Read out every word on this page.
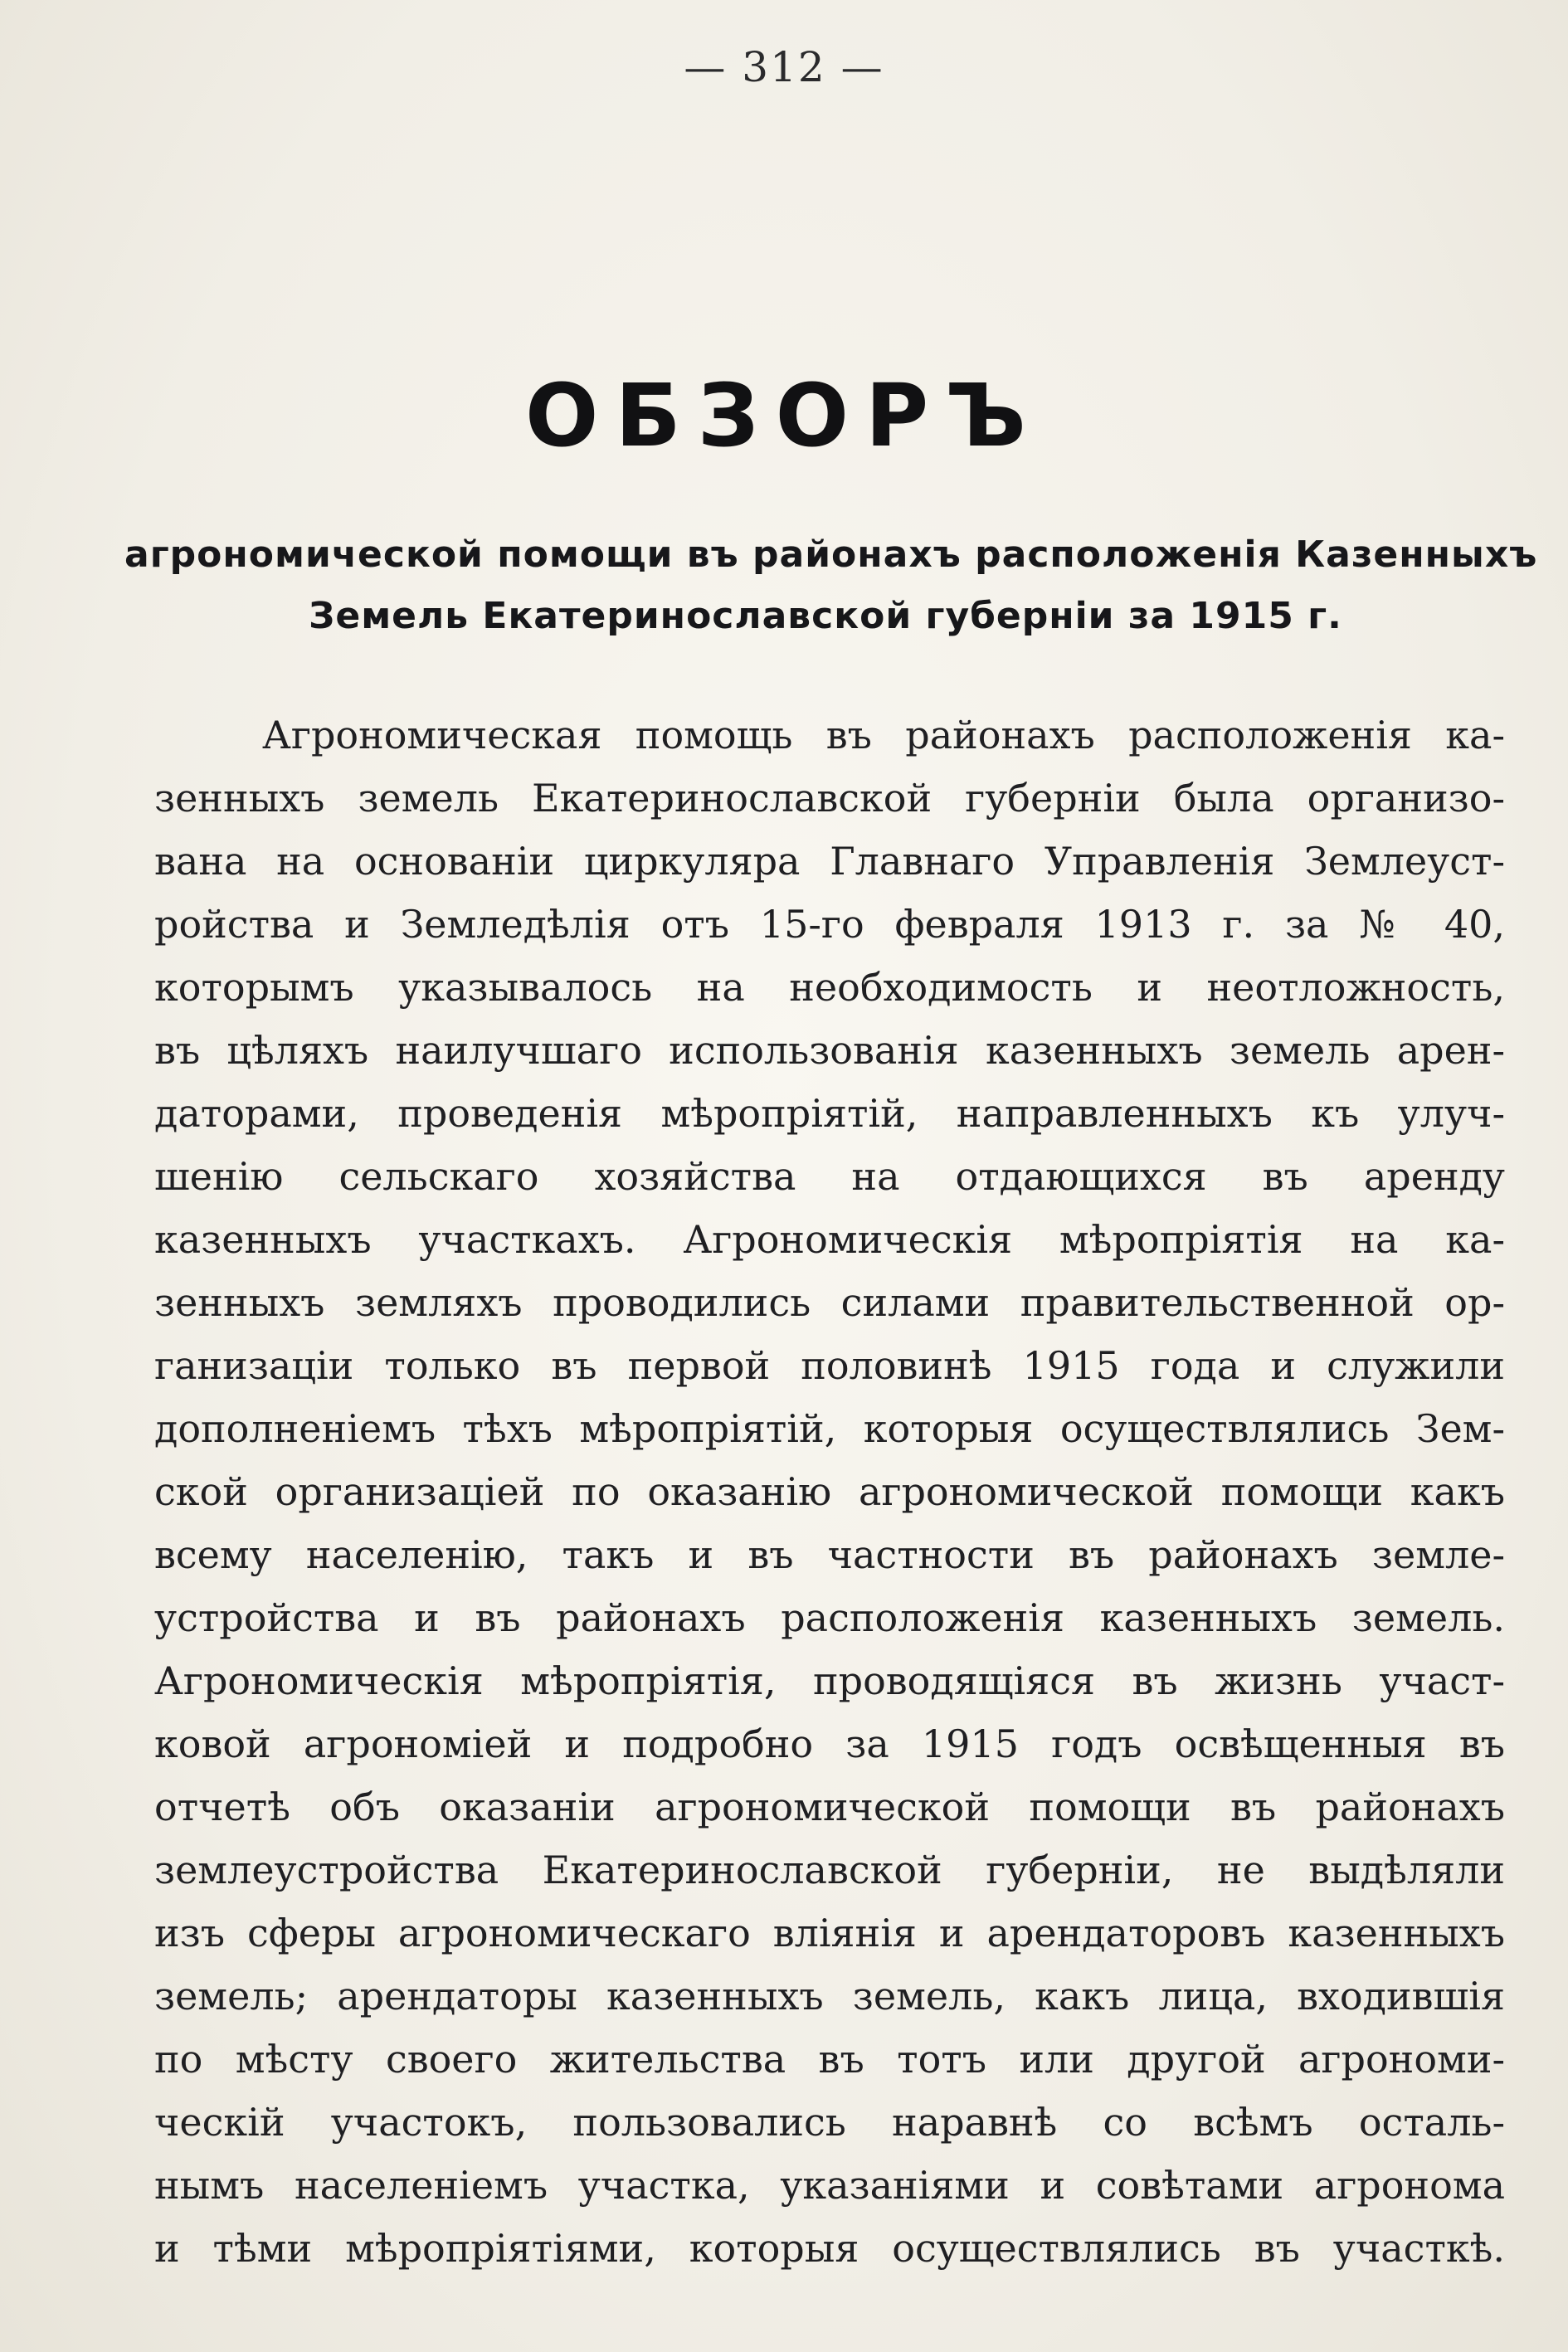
— 312 —
ОБЗОРЪ
агрономической помощи въ районахъ расположенія Казенныхъ
Земель Екатеринославской губерніи за 1915 г.
Агрономическая помощь въ районахъ расположенія ка-
зенныхъ земель Екатеринославской губерніи была организо-
вана на основаніи циркуляра Главнаго Управленія Землеуст-
ройства и Земледѣлія отъ 15-го февраля 1913 г. за № 40,
которымъ указывалось на необходимость и неотложность,
въ цѣляхъ наилучшаго использованія казенныхъ земель арен-
даторами, проведенія мѣропріятій, направленныхъ къ улуч-
шенію сельскаго хозяйства на отдающихся въ аренду
казенныхъ участкахъ. Агрономическія мѣропріятія на ка-
зенныхъ земляхъ проводились силами правительственной ор-
ганизаціи только въ первой половинѣ 1915 года и служили
дополненіемъ тѣхъ мѣропріятій, которыя осуществлялись Зем-
ской организаціей по оказанію агрономической помощи какъ
всему населенію, такъ и въ частности въ районахъ земле-
устройства и въ районахъ расположенія казенныхъ земель.
Агрономическія мѣропріятія, проводящіяся въ жизнь участ-
ковой агрономіей и подробно за 1915 годъ освѣщенныя въ
отчетѣ объ оказаніи агрономической помощи въ районахъ
землеустройства Екатеринославской губерніи, не выдѣляли
изъ сферы агрономическаго вліянія и арендаторовъ казенныхъ
земель; арендаторы казенныхъ земель, какъ лица, входившія
по мѣсту своего жительства въ тотъ или другой агрономи-
ческій участокъ, пользовались наравнѣ со всѣмъ осталь-
нымъ населеніемъ участка, указаніями и совѣтами агронома
и тѣми мѣропріятіями, которыя осуществлялись въ участкѣ.
